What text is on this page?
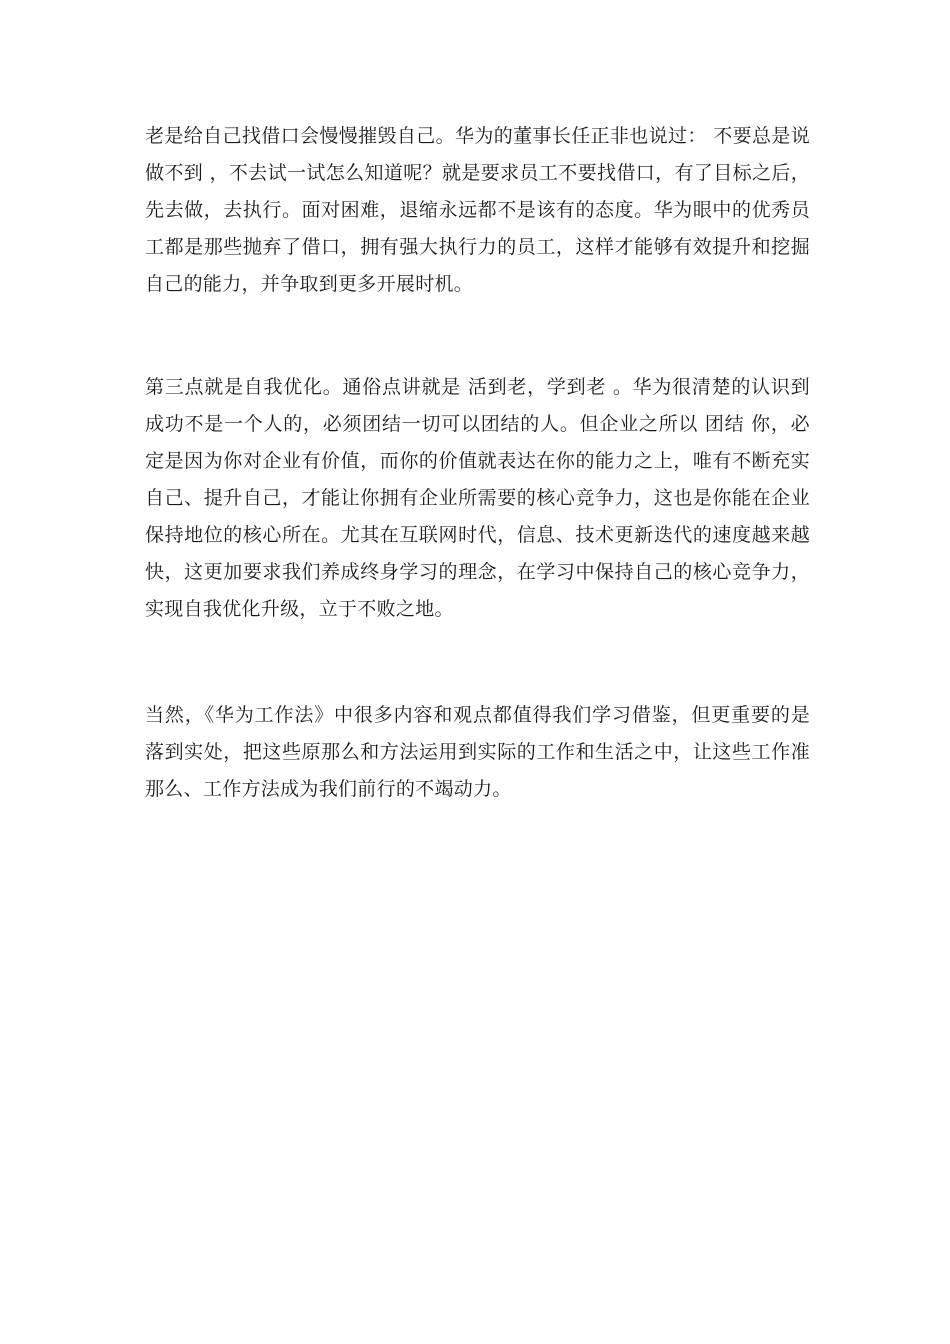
老是给自己找借口会慢慢摧毁自己。华为的董事长任正非也说过： 不要总是说
做不到 ，不去试一试怎么知道呢？就是要求员工不要找借口，有了目标之后，
先去做，去执行。面对困难，退缩永远都不是该有的态度。华为眼中的优秀员
工都是那些抛弃了借口，拥有强大执行力的员工，这样才能够有效提升和挖掘
自己的能力，并争取到更多开展时机。
第三点就是自我优化。通俗点讲就是 活到老，学到老 。华为很清楚的认识到
成功不是一个人的，必须团结一切可以团结的人。但企业之所以 团结 你，必
定是因为你对企业有价值，而你的价值就表达在你的能力之上，唯有不断充实
自己、提升自己，才能让你拥有企业所需要的核心竞争力，这也是你能在企业
保持地位的核心所在。尤其在互联网时代，信息、技术更新迭代的速度越来越
快，这更加要求我们养成终身学习的理念，在学习中保持自己的核心竞争力，
实现自我优化升级，立于不败之地。
当然，《华为工作法》中很多内容和观点都值得我们学习借鉴，但更重要的是
落到实处，把这些原那么和方法运用到实际的工作和生活之中，让这些工作准
那么、工作方法成为我们前行的不竭动力。
